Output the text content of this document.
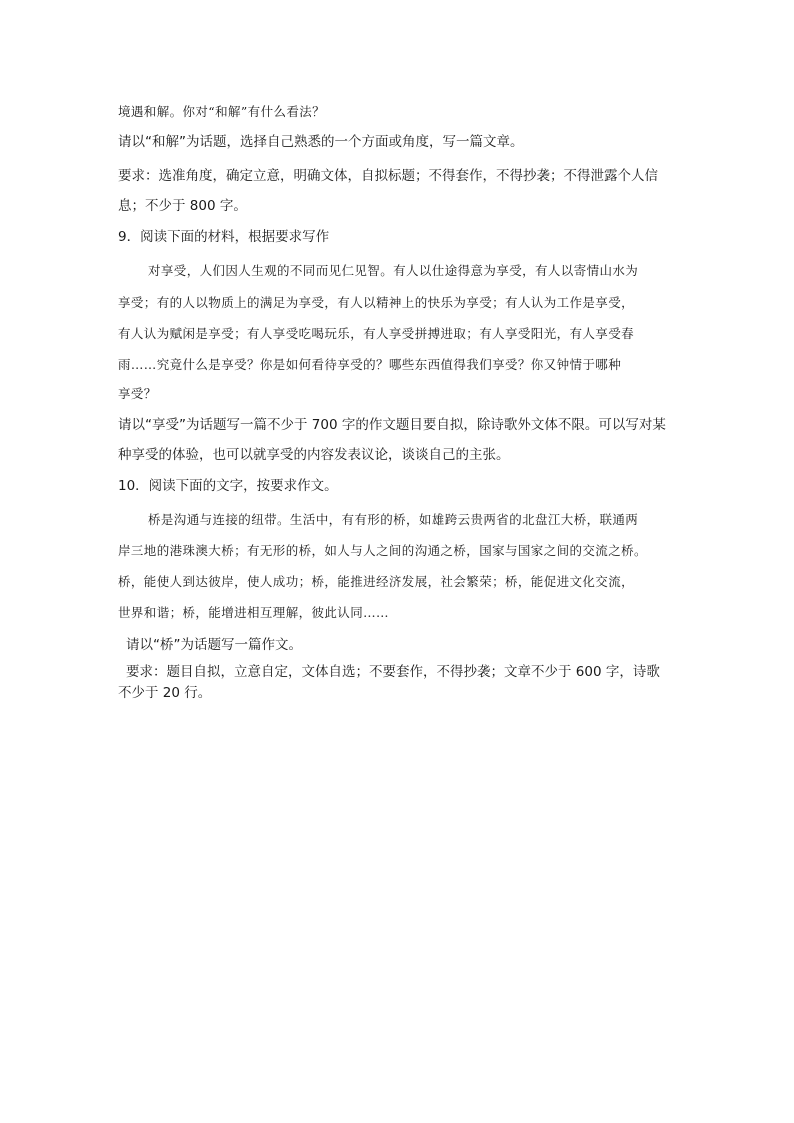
境遇和解。你对“和解”有什么看法？
请以“和解”为话题，选择自己熟悉的一个方面或角度，写一篇文章。
要求：选准角度，确定立意，明确文体，自拟标题；不得套作，不得抄袭；不得泄露个人信
息；不少于 800 字。
9．阅读下面的材料，根据要求写作
对享受，人们因人生观的不同而见仁见智。有人以仕途得意为享受，有人以寄情山水为
享受；有的人以物质上的满足为享受，有人以精神上的快乐为享受；有人认为工作是享受，
有人认为赋闲是享受；有人享受吃喝玩乐，有人享受拼搏进取；有人享受阳光，有人享受春
雨……究竟什么是享受？你是如何看待享受的？哪些东西值得我们享受？你又钟情于哪种
享受？
请以“享受”为话题写一篇不少于 700 字的作文题目要自拟，除诗歌外文体不限。可以写对某
种享受的体验，也可以就享受的内容发表议论，谈谈自己的主张。
10．阅读下面的文字，按要求作文。
桥是沟通与连接的纽带。生活中，有有形的桥，如雄跨云贵两省的北盘江大桥，联通两
岸三地的港珠澳大桥；有无形的桥，如人与人之间的沟通之桥，国家与国家之间的交流之桥。
桥，能使人到达彼岸，使人成功；桥，能推进经济发展，社会繁荣；桥，能促进文化交流，
世界和谐；桥，能增进相互理解，彼此认同……
请以“桥”为话题写一篇作文。
要求：题目自拟，立意自定，文体自选；不要套作，不得抄袭；文章不少于 600 字，诗歌
不少于 20 行。
